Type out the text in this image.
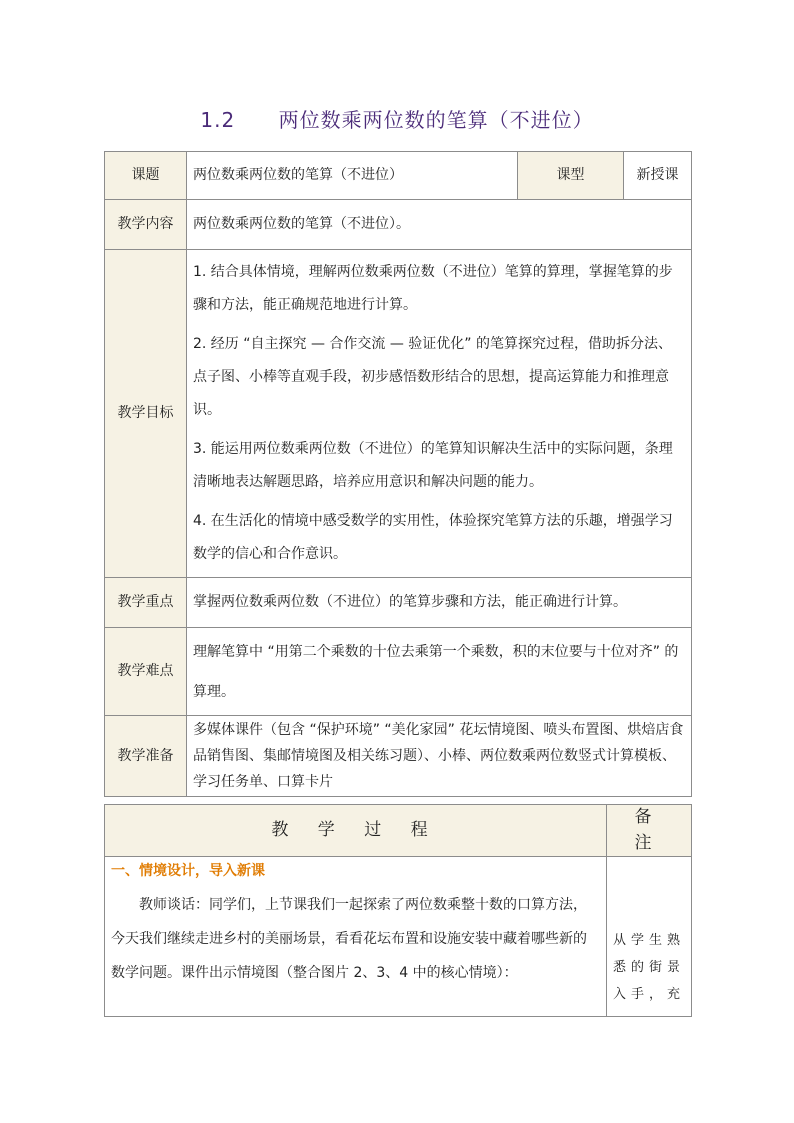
1.2 两位数乘两位数的笔算（不进位）
课题	两位数乘两位数的笔算（不进位）	课型	新授课
教学内容	两位数乘两位数的笔算（不进位）。		
教学目标	1. 结合具体情境，理解两位数乘两位数（不进位）笔算的算理，掌握笔算的步骤和方法，能正确规范地进行计算。

2. 经历 “自主探究 — 合作交流 — 验证优化” 的笔算探究过程，借助拆分法、点子图、小棒等直观手段，初步感悟数形结合的思想，提高运算能力和推理意识。

3. 能运用两位数乘两位数（不进位）的笔算知识解决生活中的实际问题，条理清晰地表达解题思路，培养应用意识和解决问题的能力。

4. 在生活化的情境中感受数学的实用性，体验探究笔算方法的乐趣，增强学习数学的信心和合作意识。		

教学重点	掌握两位数乘两位数（不进位）的笔算步骤和方法，能正确进行计算。		
教学难点	理解笔算中 “用第二个乘数的十位去乘第一个乘数，积的末位要与十位对齐” 的算理。		
教学准备	多媒体课件（包含 “保护环境” “美化家园” 花坛情境图、喷头布置图、烘焙店食品销售图、集邮情境图及相关练习题）、小棒、两位数乘两位数竖式计算模板、学习任务单、口算卡片		
教 学 过 程	备 注

一、情境设计，导入新课

教师谈话：同学们，上节课我们一起探索了两位数乘整十数的口算方法，今天我们继续走进乡村的美丽场景，看看花坛布置和设施安装中藏着哪些新的数学问题。课件出示情境图（整合图片 2、3、4 中的核心情境）：	从学生熟悉的街景入手，充
